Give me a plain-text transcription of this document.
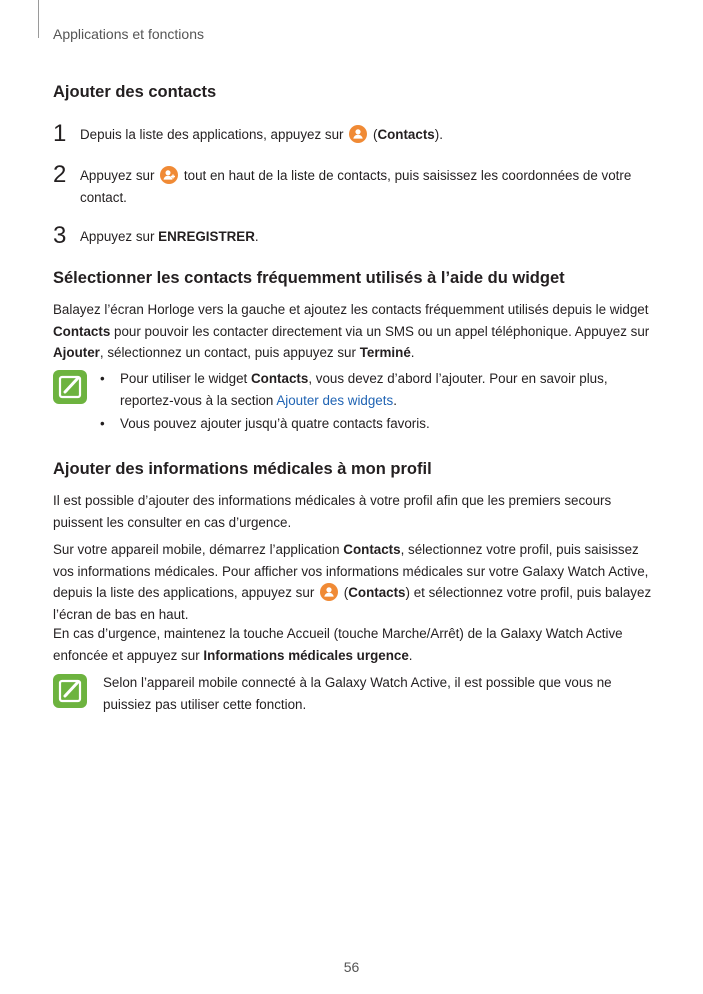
Applications et fonctions
Ajouter des contacts
1 Depuis la liste des applications, appuyez sur (Contacts).
2 Appuyez sur tout en haut de la liste de contacts, puis saisissez les coordonnées de votre contact.
3 Appuyez sur ENREGISTRER.
Sélectionner les contacts fréquemment utilisés à l’aide du widget
Balayez l’écran Horloge vers la gauche et ajoutez les contacts fréquemment utilisés depuis le widget Contacts pour pouvoir les contacter directement via un SMS ou un appel téléphonique. Appuyez sur Ajouter, sélectionnez un contact, puis appuyez sur Terminé.
• Pour utiliser le widget Contacts, vous devez d’abord l’ajouter. Pour en savoir plus, reportez-vous à la section Ajouter des widgets.
• Vous pouvez ajouter jusqu’à quatre contacts favoris.
Ajouter des informations médicales à mon profil
Il est possible d’ajouter des informations médicales à votre profil afin que les premiers secours puissent les consulter en cas d’urgence.
Sur votre appareil mobile, démarrez l’application Contacts, sélectionnez votre profil, puis saisissez vos informations médicales. Pour afficher vos informations médicales sur votre Galaxy Watch Active, depuis la liste des applications, appuyez sur (Contacts) et sélectionnez votre profil, puis balayez l’écran de bas en haut.
En cas d’urgence, maintenez la touche Accueil (touche Marche/Arrêt) de la Galaxy Watch Active enfoncée et appuyez sur Informations médicales urgence.
Selon l’appareil mobile connecté à la Galaxy Watch Active, il est possible que vous ne puissiez pas utiliser cette fonction.
56
